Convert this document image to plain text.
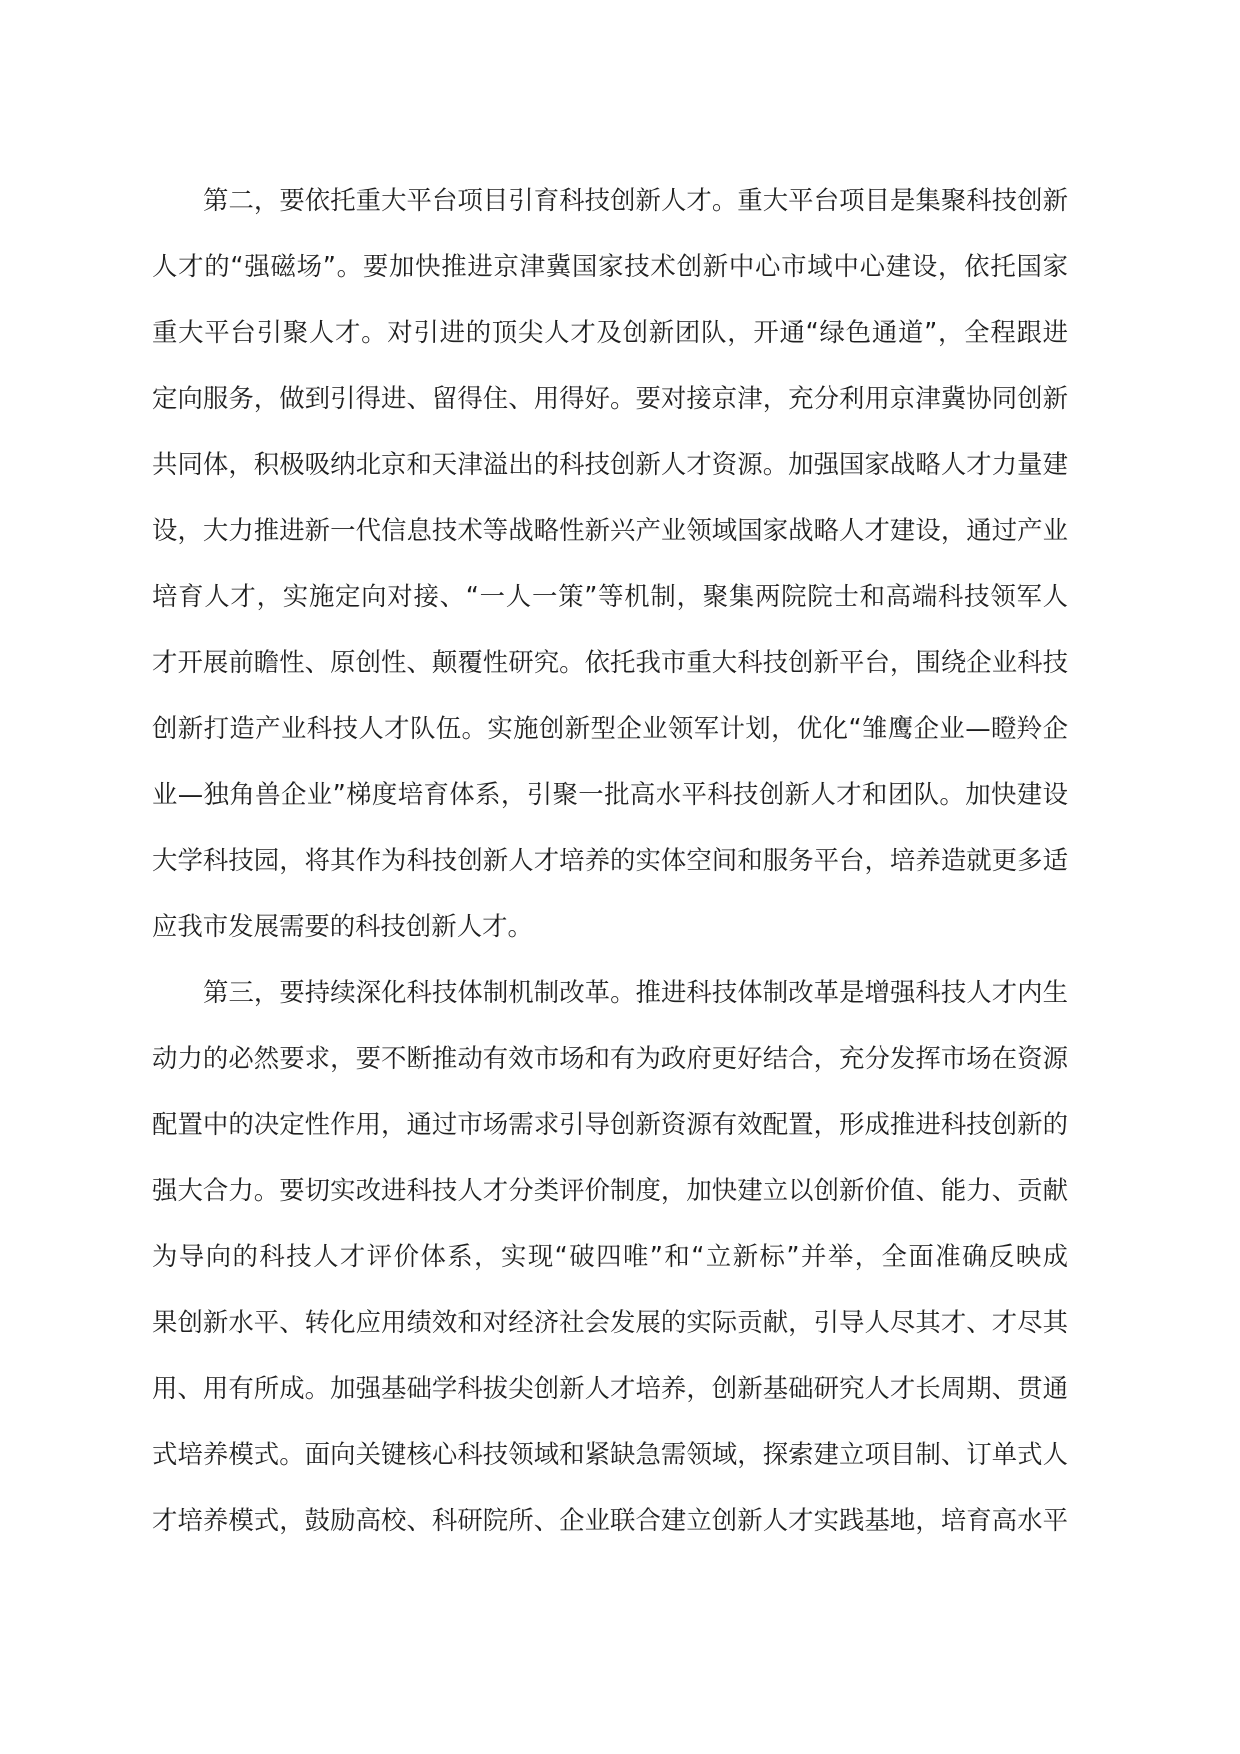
第二，要依托重大平台项目引育科技创新人才。重大平台项目是集聚科技创新
人才的“强磁场”。要加快推进京津冀国家技术创新中心市域中心建设，依托国家
重大平台引聚人才。对引进的顶尖人才及创新团队，开通“绿色通道”，全程跟进
定向服务，做到引得进、留得住、用得好。要对接京津，充分利用京津冀协同创新
共同体，积极吸纳北京和天津溢出的科技创新人才资源。加强国家战略人才力量建
设，大力推进新一代信息技术等战略性新兴产业领域国家战略人才建设，通过产业
培育人才，实施定向对接、“一人一策”等机制，聚集两院院士和高端科技领军人
才开展前瞻性、原创性、颠覆性研究。依托我市重大科技创新平台，围绕企业科技
创新打造产业科技人才队伍。实施创新型企业领军计划，优化“雏鹰企业—瞪羚企
业—独角兽企业”梯度培育体系，引聚一批高水平科技创新人才和团队。加快建设
大学科技园，将其作为科技创新人才培养的实体空间和服务平台，培养造就更多适
应我市发展需要的科技创新人才。
第三，要持续深化科技体制机制改革。推进科技体制改革是增强科技人才内生
动力的必然要求，要不断推动有效市场和有为政府更好结合，充分发挥市场在资源
配置中的决定性作用，通过市场需求引导创新资源有效配置，形成推进科技创新的
强大合力。要切实改进科技人才分类评价制度，加快建立以创新价值、能力、贡献
为导向的科技人才评价体系，实现“破四唯”和“立新标”并举，全面准确反映成
果创新水平、转化应用绩效和对经济社会发展的实际贡献，引导人尽其才、才尽其
用、用有所成。加强基础学科拔尖创新人才培养，创新基础研究人才长周期、贯通
式培养模式。面向关键核心科技领域和紧缺急需领域，探索建立项目制、订单式人
才培养模式，鼓励高校、科研院所、企业联合建立创新人才实践基地，培育高水平
